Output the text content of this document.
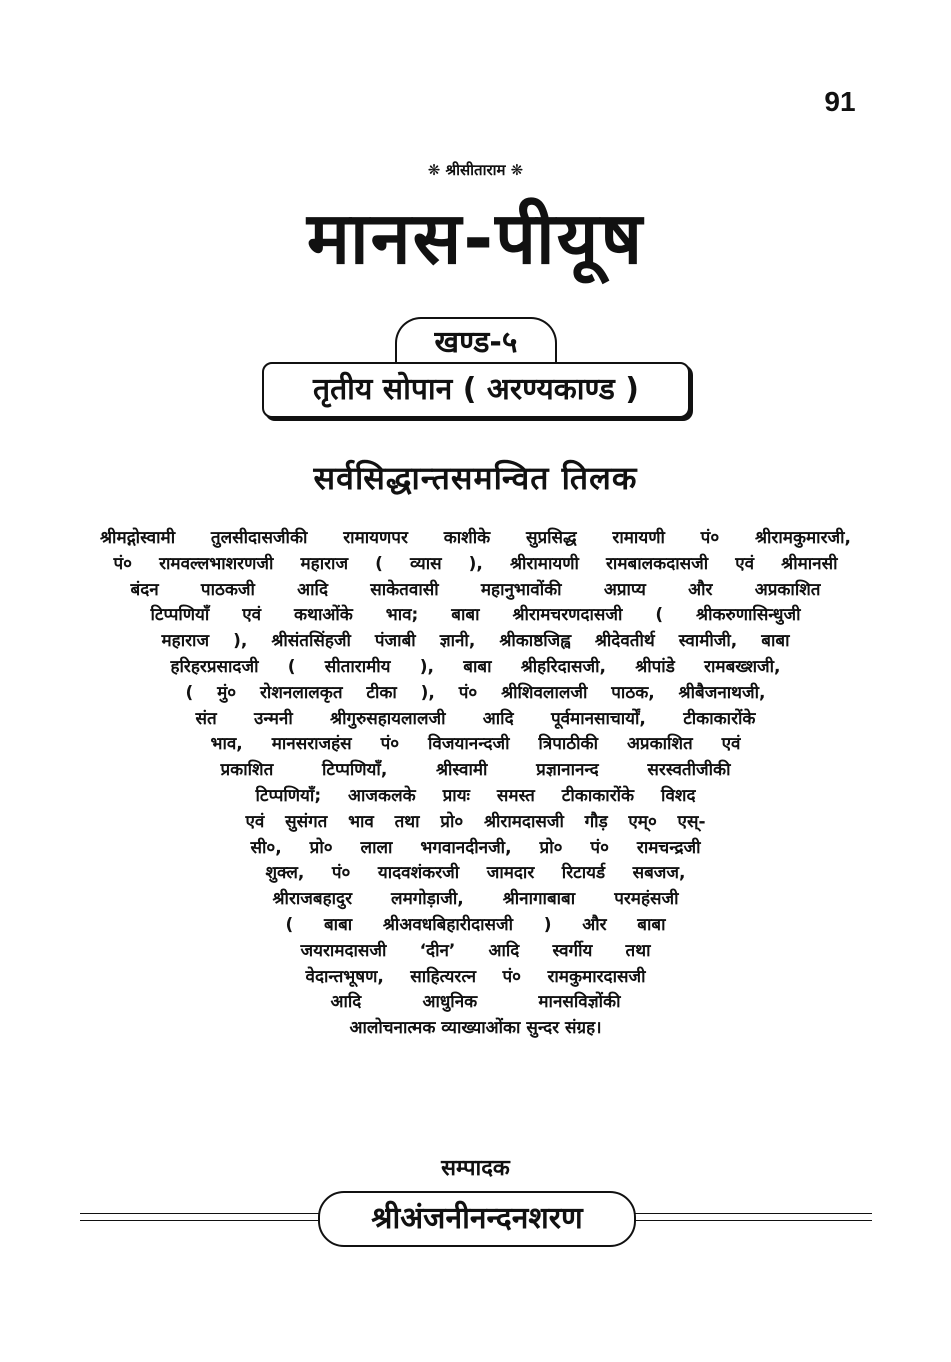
91
❋ श्रीसीताराम ❋
मानस-पीयूष
खण्ड-५
तृतीय सोपान ( अरण्यकाण्ड )
सर्वसिद्धान्तसमन्वित तिलक
श्रीमद्गोस्वामी तुलसीदासजीकी रामायणपर काशीके सुप्रसिद्ध रामायणी पं० श्रीरामकुमारजी,
पं० रामवल्लभाशरणजी महाराज ( व्यास ), श्रीरामायणी रामबालकदासजी एवं श्रीमानसी
बंदन पाठकजी आदि साकेतवासी महानुभावोंकी अप्राप्य और अप्रकाशित
टिप्पणियाँ एवं कथाओंके भाव; बाबा श्रीरामचरणदासजी ( श्रीकरुणासिन्धुजी
महाराज ), श्रीसंतसिंहजी पंजाबी ज्ञानी, श्रीकाष्ठजिह्व श्रीदेवतीर्थ स्वामीजी, बाबा
हरिहरप्रसादजी ( सीतारामीय ), बाबा श्रीहरिदासजी, श्रीपांडे रामबख्शजी,
( मुं० रोशनलालकृत टीका ), पं० श्रीशिवलालजी पाठक, श्रीबैजनाथजी,
संत उन्मनी श्रीगुरुसहायलालजी आदि पूर्वमानसाचार्यों, टीकाकारोंके
भाव, मानसराजहंस पं० विजयानन्दजी त्रिपाठीकी अप्रकाशित एवं
प्रकाशित टिप्पणियाँ, श्रीस्वामी प्रज्ञानानन्द सरस्वतीजीकी
टिप्पणियाँ; आजकलके प्रायः समस्त टीकाकारोंके विशद
एवं सुसंगत भाव तथा प्रो० श्रीरामदासजी गौड़ एम्० एस्-
सी०, प्रो० लाला भगवानदीनजी, प्रो० पं० रामचन्द्रजी
शुक्ल, पं० यादवशंकरजी जामदार रिटायर्ड सबजज,
श्रीराजबहादुर लमगोड़ाजी, श्रीनागाबाबा परमहंसजी
( बाबा श्रीअवधबिहारीदासजी ) और बाबा
जयरामदासजी ‘दीन’ आदि स्वर्गीय तथा
वेदान्तभूषण, साहित्यरत्न पं० रामकुमारदासजी
आदि आधुनिक मानसविज्ञोंकी
आलोचनात्मक व्याख्याओंका सुन्दर संग्रह।
सम्पादक
श्रीअंजनीनन्दनशरण
